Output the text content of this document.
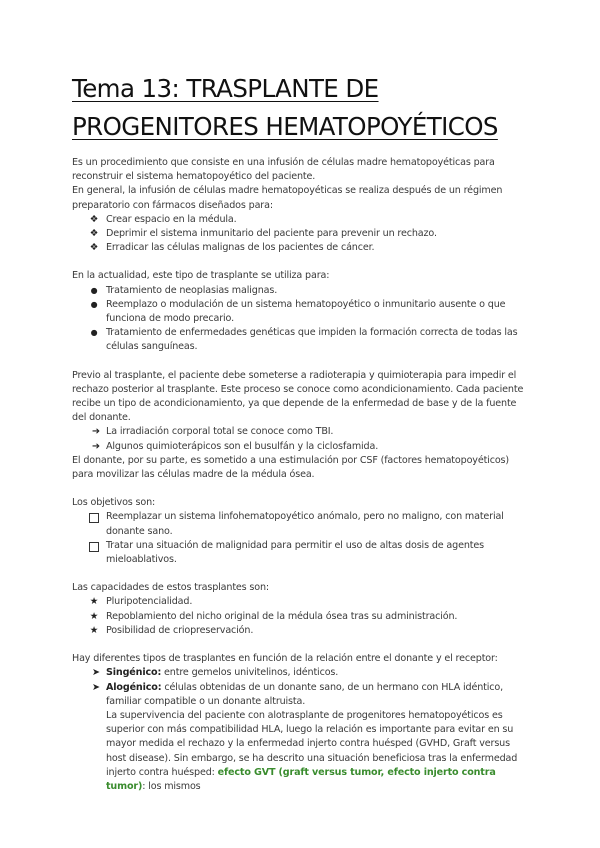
Tema 13: TRASPLANTE DE
PROGENITORES HEMATOPOYÉTICOS

Es un procedimiento que consiste en una infusión de células madre hematopoyéticas para reconstruir el sistema hematopoyético del paciente.

En general, la infusión de células madre hematopoyéticas se realiza después de un régimen preparatorio con fármacos diseñados para:

❖ Crear espacio en la médula.
❖ Deprimir el sistema inmunitario del paciente para prevenir un rechazo.
❖ Erradicar las células malignas de los pacientes de cáncer.

En la actualidad, este tipo de trasplante se utiliza para:

● Tratamiento de neoplasias malignas.
● Reemplazo o modulación de un sistema hematopoyético o inmunitario ausente o que funciona de modo precario.
● Tratamiento de enfermedades genéticas que impiden la formación correcta de todas las células sanguíneas.

Previo al trasplante, el paciente debe someterse a radioterapia y quimioterapia para impedir el rechazo posterior al trasplante. Este proceso se conoce como acondicionamiento. Cada paciente recibe un tipo de acondicionamiento, ya que depende de la enfermedad de base y de la fuente del donante.

➔ La irradiación corporal total se conoce como TBI.
➔ Algunos quimioterápicos son el busulfán y la ciclosfamida.

El donante, por su parte, es sometido a una estimulación por CSF (factores hematopoyéticos) para movilizar las células madre de la médula ósea.

Los objetivos son:

Reemplazar un sistema linfohematopoyético anómalo, pero no maligno, con material donante sano.
Tratar una situación de malignidad para permitir el uso de altas dosis de agentes mieloablativos.

Las capacidades de estos trasplantes son:

★ Pluripotencialidad.
★ Repoblamiento del nicho original de la médula ósea tras su administración.
★ Posibilidad de criopreservación.

Hay diferentes tipos de trasplantes en función de la relación entre el donante y el receptor:

➤ Singénico: entre gemelos univitelinos, idénticos.
➤ Alogénico: células obtenidas de un donante sano, de un hermano con HLA idéntico, familiar compatible o un donante altruista.

La supervivencia del paciente con alotrasplante de progenitores hematopoyéticos es superior con más compatibilidad HLA, luego la relación es importante para evitar en su mayor medida el rechazo y la enfermedad injerto contra huésped (GVHD, Graft versus host disease). Sin embargo, se ha descrito una situación beneficiosa tras la enfermedad injerto contra huésped: efecto GVT (graft versus tumor, efecto injerto contra tumor): los mismos
